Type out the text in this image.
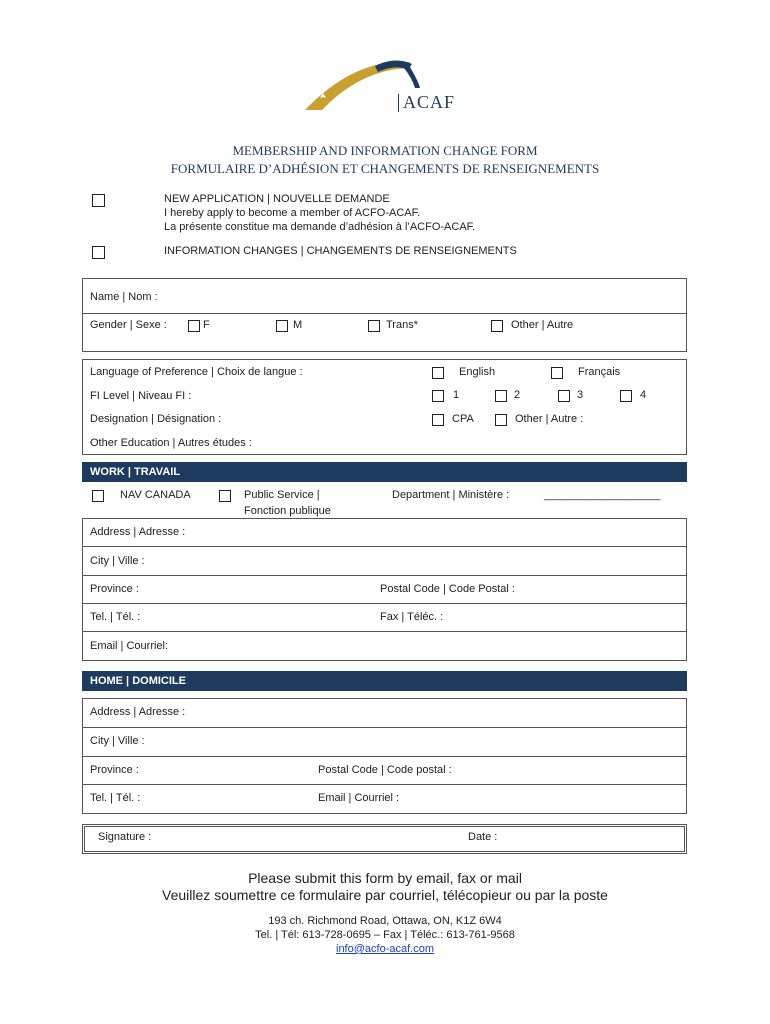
ACFO ACAF
MEMBERSHIP AND INFORMATION CHANGE FORM
FORMULAIRE D’ADHÉSION ET CHANGEMENTS DE RENSEIGNEMENTS
NEW APPLICATION | NOUVELLE DEMANDE
I hereby apply to become a member of ACFO-ACAF.
La présente constitue ma demande d’adhésion à l’ACFO-ACAF.
INFORMATION CHANGES | CHANGEMENTS DE RENSEIGNEMENTS
Name | Nom :
Gender | Sexe :	F	M	Trans*	Other | Autre
Language of Preference | Choix de langue :	English	Français
FI Level | Niveau FI :	1	2	3	4
Designation | Désignation :	CPA	Other | Autre :
Other Education | Autres études :
WORK | TRAVAIL
NAV CANADA	Public Service |
Fonction publique
Department | Ministère :	___________________
Address | Adresse :
City | Ville :
Province :	Postal Code | Code Postal :
Tel. | Tél. :	Fax | Téléc. :
Email | Courriel:
HOME | DOMICILE
Address | Adresse :
City | Ville :
Province :	Postal Code | Code postal :
Tel. | Tél. :	Email | Courriel :
Signature :	Date :
Please submit this form by email, fax or mail
Veuillez soumettre ce formulaire par courriel, télécopieur ou par la poste
193 ch. Richmond Road, Ottawa, ON, K1Z 6W4
Tel. | Tél: 613-728-0695 – Fax | Téléc.: 613-761-9568
info@acfo-acaf.com
